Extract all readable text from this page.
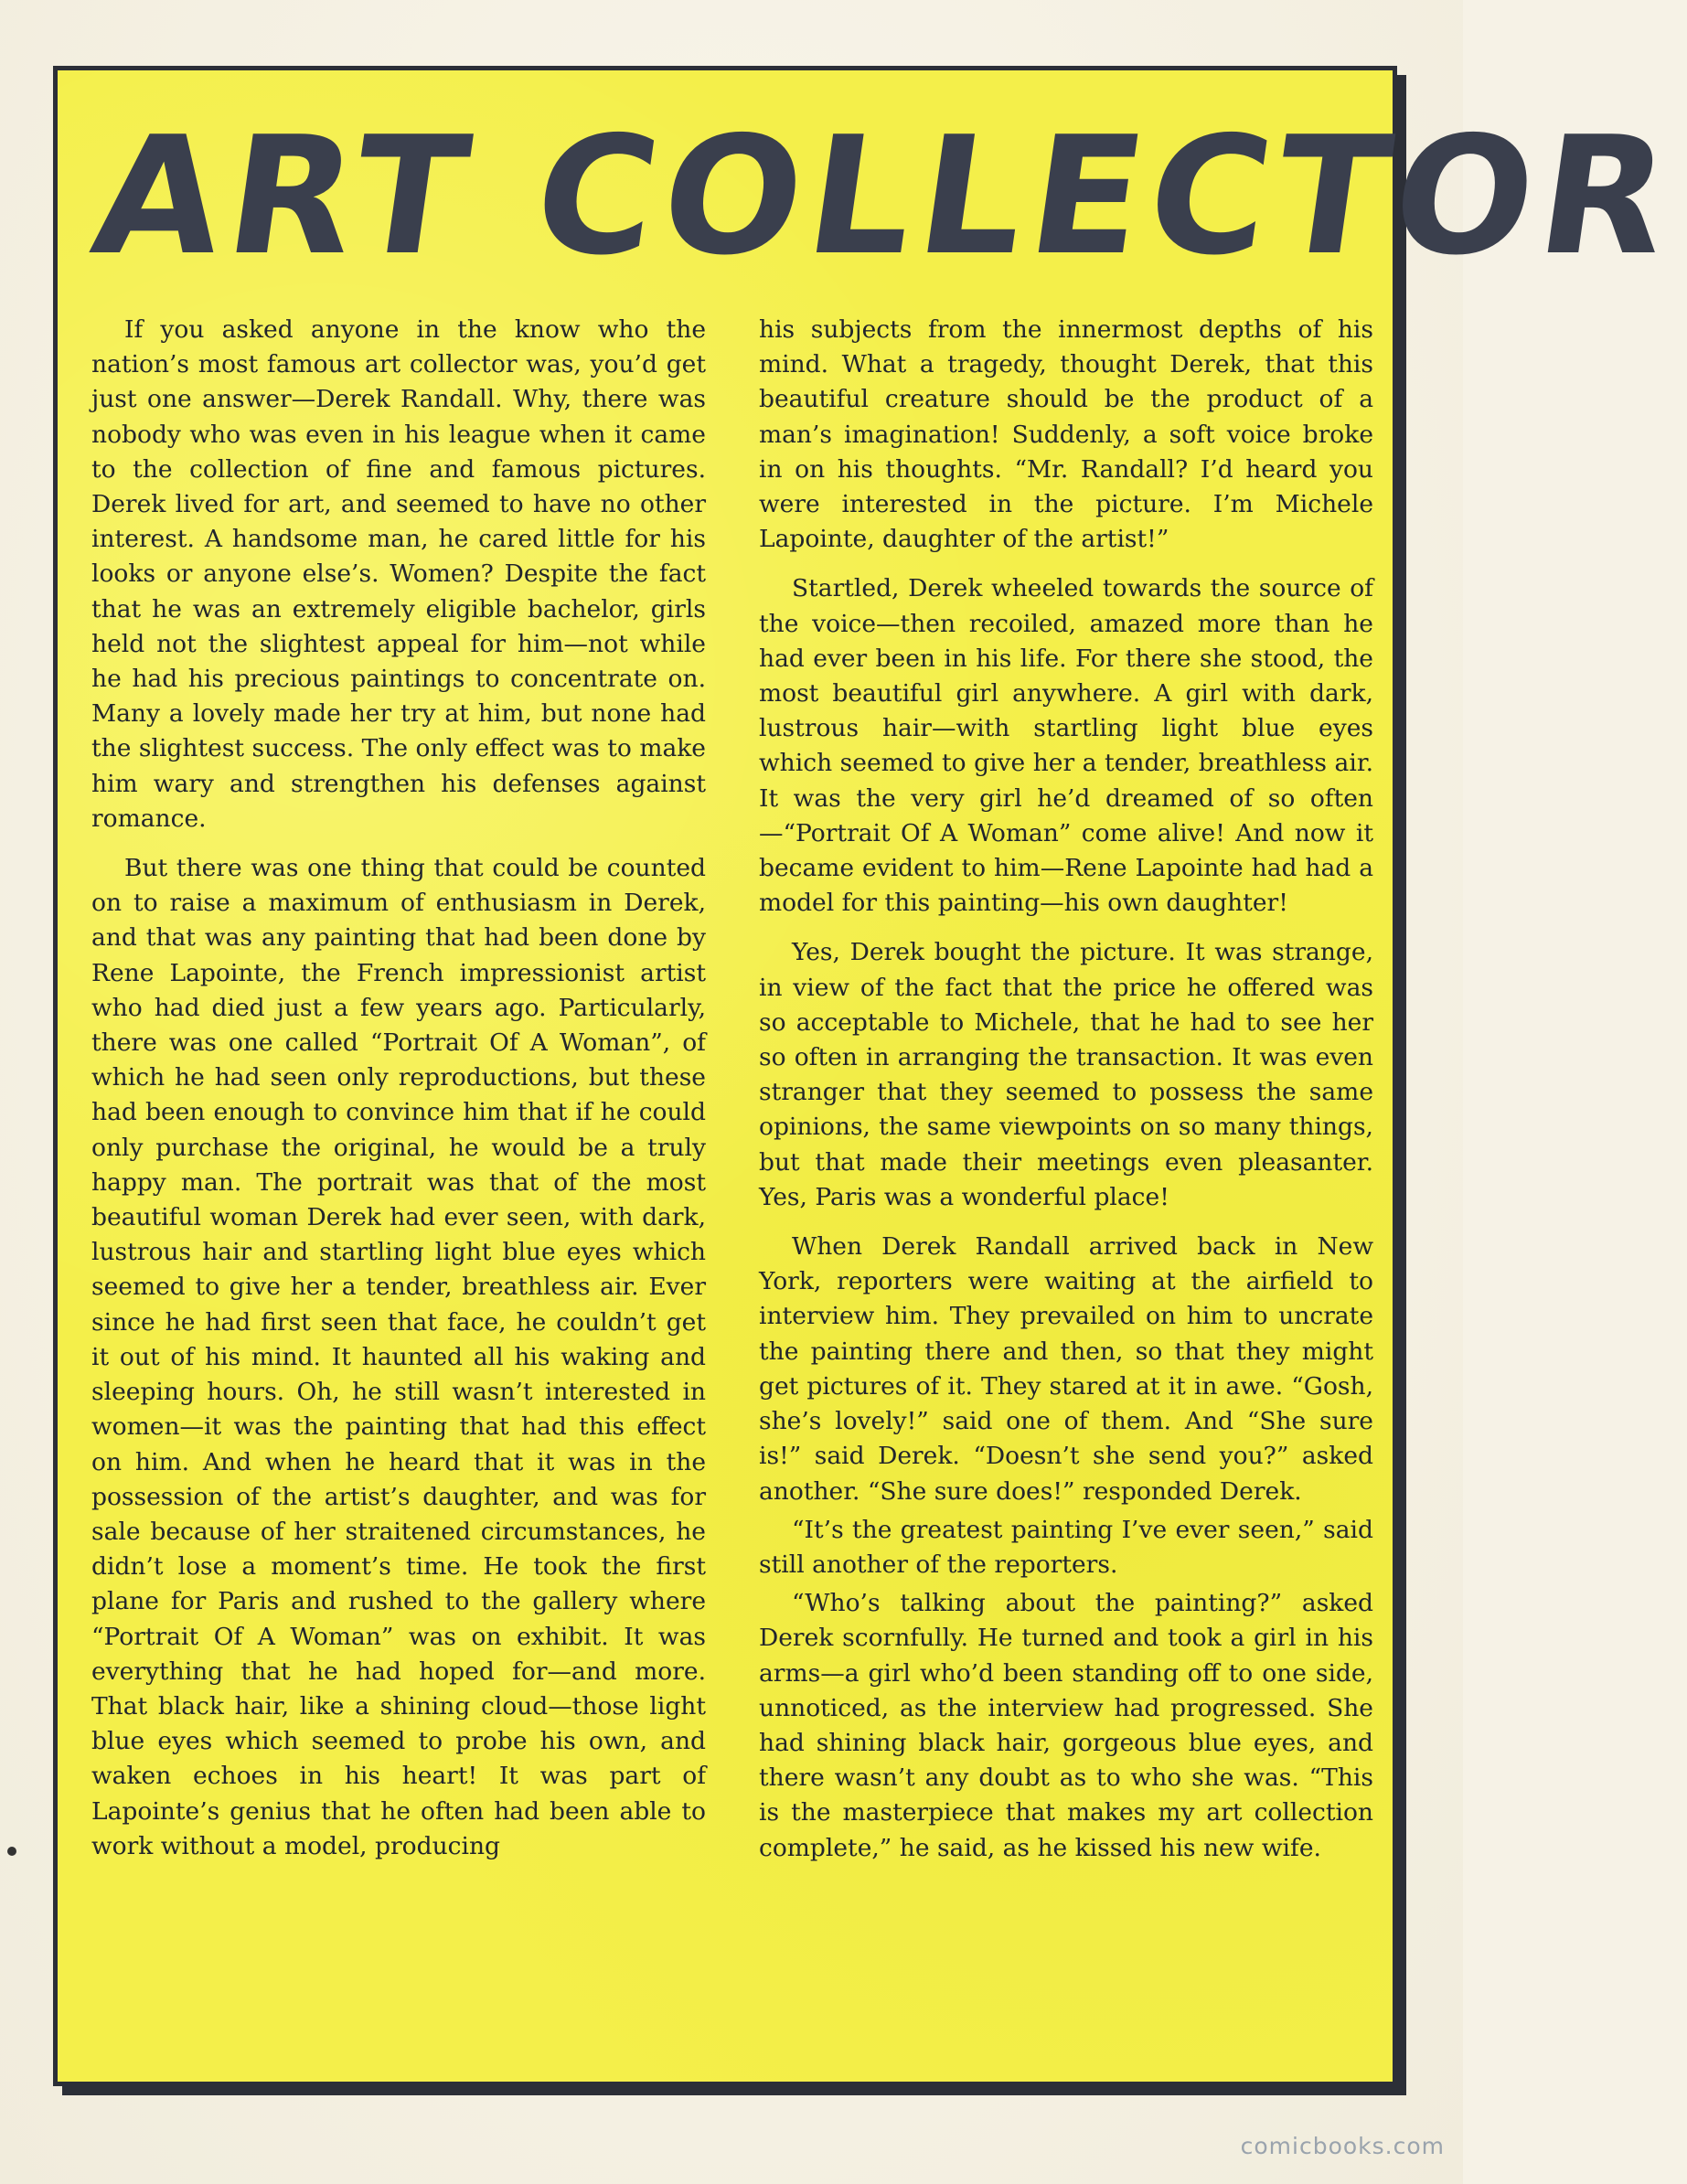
ART COLLECTOR

If you asked anyone in the know who the nation’s most famous art collector was, you’d get just one answer—Derek Randall. Why, there was nobody who was even in his league when it came to the collection of fine and famous pictures. Derek lived for art, and seemed to have no other interest. A handsome man, he cared little for his looks or anyone else’s. Women? Despite the fact that he was an extremely eligible bachelor, girls held not the slightest appeal for him—not while he had his precious paintings to concentrate on. Many a lovely made her try at him, but none had the slightest success. The only effect was to make him wary and strengthen his defenses against romance.

But there was one thing that could be counted on to raise a maximum of enthusiasm in Derek, and that was any painting that had been done by Rene Lapointe, the French impressionist artist who had died just a few years ago. Particularly, there was one called “Portrait Of A Woman”, of which he had seen only reproductions, but these had been enough to convince him that if he could only purchase the original, he would be a truly happy man. The portrait was that of the most beautiful woman Derek had ever seen, with dark, lustrous hair and startling light blue eyes which seemed to give her a tender, breathless air. Ever since he had first seen that face, he couldn’t get it out of his mind. It haunted all his waking and sleeping hours. Oh, he still wasn’t interested in women—it was the painting that had this effect on him. And when he heard that it was in the possession of the artist’s daughter, and was for sale because of her straitened circumstances, he didn’t lose a moment’s time. He took the first plane for Paris and rushed to the gallery where “Portrait Of A Woman” was on exhibit. It was everything that he had hoped for—and more. That black hair, like a shining cloud—those light blue eyes which seemed to probe his own, and waken echoes in his heart! It was part of Lapointe’s genius that he often had been able to work without a model, producing

his subjects from the innermost depths of his mind. What a tragedy, thought Derek, that this beautiful creature should be the product of a man’s imagination! Suddenly, a soft voice broke in on his thoughts. “Mr. Randall? I’d heard you were interested in the picture. I’m Michele Lapointe, daughter of the artist!”

Startled, Derek wheeled towards the source of the voice—then recoiled, amazed more than he had ever been in his life. For there she stood, the most beautiful girl anywhere. A girl with dark, lustrous hair—with startling light blue eyes which seemed to give her a tender, breathless air. It was the very girl he’d dreamed of so often—“Portrait Of A Woman” come alive! And now it became evident to him—Rene Lapointe had had a model for this painting—his own daughter!

Yes, Derek bought the picture. It was strange, in view of the fact that the price he offered was so acceptable to Michele, that he had to see her so often in arranging the transaction. It was even stranger that they seemed to possess the same opinions, the same viewpoints on so many things, but that made their meetings even pleasanter. Yes, Paris was a wonderful place!

When Derek Randall arrived back in New York, reporters were waiting at the airfield to interview him. They prevailed on him to uncrate the painting there and then, so that they might get pictures of it. They stared at it in awe. “Gosh, she’s lovely!” said one of them. And “She sure is!” said Derek. “Doesn’t she send you?” asked another. “She sure does!” responded Derek.

“It’s the greatest painting I’ve ever seen,” said still another of the reporters.

“Who’s talking about the painting?” asked Derek scornfully. He turned and took a girl in his arms—a girl who’d been standing off to one side, unnoticed, as the interview had progressed. She had shining black hair, gorgeous blue eyes, and there wasn’t any doubt as to who she was. “This is the masterpiece that makes my art collection complete,” he said, as he kissed his new wife.

comicbooks.com
